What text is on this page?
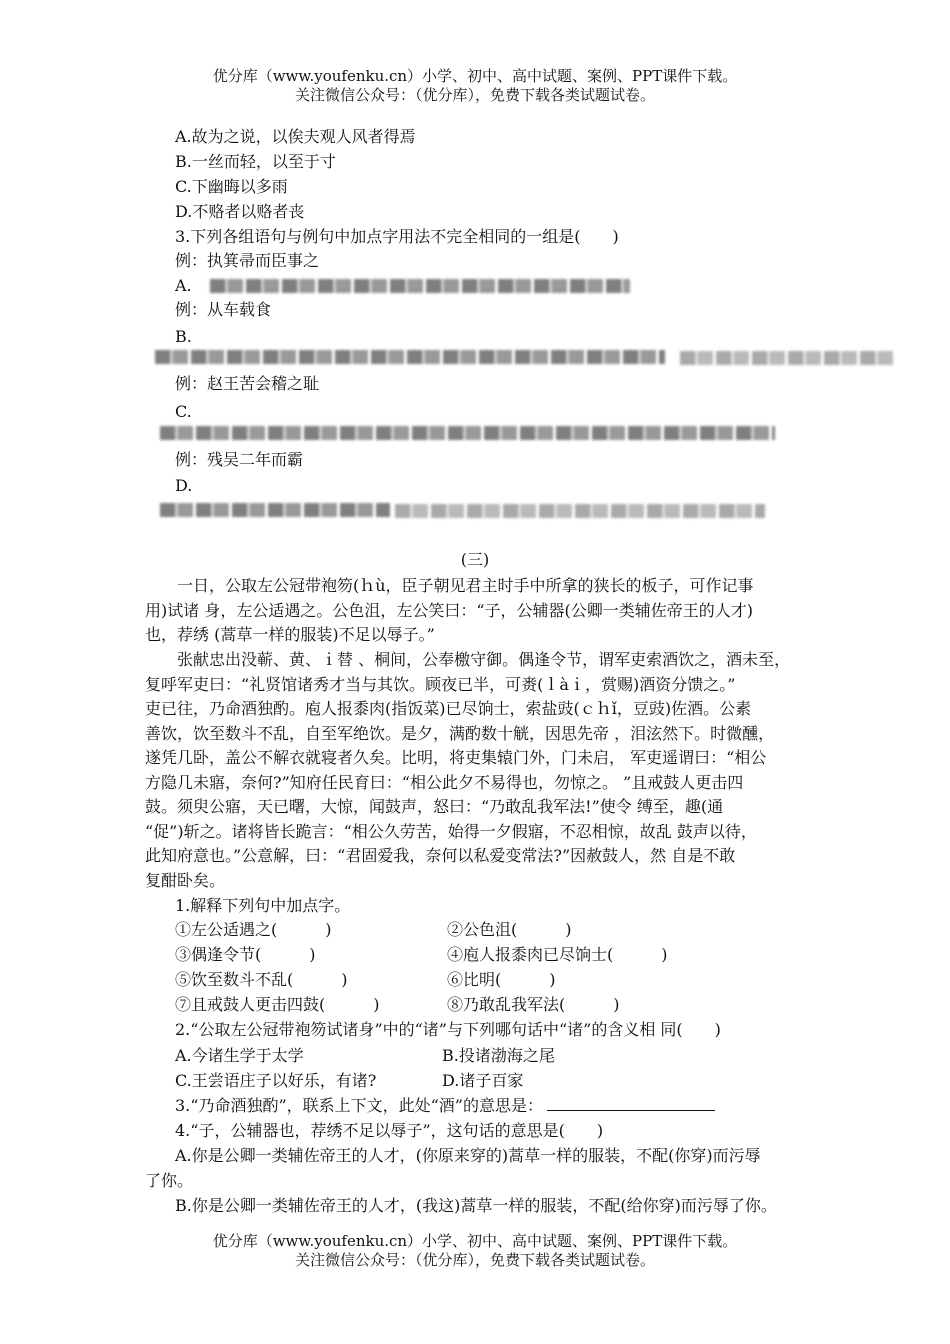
优分库（www.youfenku.cn）小学、初中、高中试题、案例、PPT课件下载。
关注微信公众号：（优分库），免费下载各类试题试卷。
A.故为之说，以俟夫观人风者得焉
B.一丝而轻，以至于寸
C.下幽晦以多雨
D.不赂者以赂者丧
3.下列各组语句与例句中加点字用法不完全相同的一组是(　　)
例：执箕帚而臣事之
A.
例：从车载食
B.
例：赵王苦会稽之耻
C.
例：残吴二年而霸
D.
(三)
　　一日，公取左公冠带袍笏(ｈù，臣子朝见君主时手中所拿的狭长的板子，可作记事
用)试诸 身，左公适遇之。公色沮，左公笑曰：“子，公辅器(公卿一类辅佐帝王的人才)
也，荐绣 (蒿草一样的服装)不足以辱子。”
　　张献忠出没蕲、黄、ｉ替 、桐间，公奉檄守御。偶逢令节，谓军吏索酒饮之，酒未至，
复呼军吏曰：“礼贤馆诸秀才当与其饮。顾夜已半，可赉(ｌàｉ，赏赐)酒资分馈之。”
吏已往，乃命酒独酌。庖人报黍肉(指饭菜)已尽饷士，索盐豉(ｃｈǐ，豆豉)佐酒。公素
善饮，饮至数斗不乱，自至军绝饮。是夕，满酌数十觥，因思先帝 ，泪泫然下。时微醺，
遂凭几卧，盖公不解衣就寝者久矣。比明，将吏集辕门外，门未启， 军吏遥谓曰：“相公
方隐几未寤，奈何?”知府任民育曰：“相公此夕不易得也，勿惊之。 ”且戒鼓人更击四
鼓。须臾公寤，天已曙，大惊，闻鼓声，怒曰：“乃敢乱我军法!”使令 缚至，趣(通
“促”)斩之。诸将皆长跪言：“相公久劳苦，始得一夕假寤，不忍相惊，故乱 鼓声以待，
此知府意也。”公意解，曰：“君固爱我，奈何以私爱变常法?”因赦鼓人，然 自是不敢
复酣卧矣。
1.解释下列句中加点字。
①左公适遇之(　　　)	②公色沮(　　　)
③偶逢令节(　　　)	④庖人报黍肉已尽饷士(　　　)
⑤饮至数斗不乱(　　　)	⑥比明(　　　)
⑦且戒鼓人更击四鼓(　　　)	⑧乃敢乱我军法(　　　)
2.“公取左公冠带袍笏试诸身”中的“诸”与下列哪句话中“诸”的含义相 同(　　)
A.今诸生学于太学	B.投诸渤海之尾
C.王尝语庄子以好乐，有诸?	D.诸子百家
3.“乃命酒独酌”，联系上下文，此处“酒”的意思是：
4.“子，公辅器也，荐绣不足以辱子”，这句话的意思是(　　)
A.你是公卿一类辅佐帝王的人才，(你原来穿的)蒿草一样的服装，不配(你穿)而污辱
了你。
B.你是公卿一类辅佐帝王的人才，(我这)蒿草一样的服装，不配(给你穿)而污辱了你。
优分库（www.youfenku.cn）小学、初中、高中试题、案例、PPT课件下载。
关注微信公众号：（优分库），免费下载各类试题试卷。
